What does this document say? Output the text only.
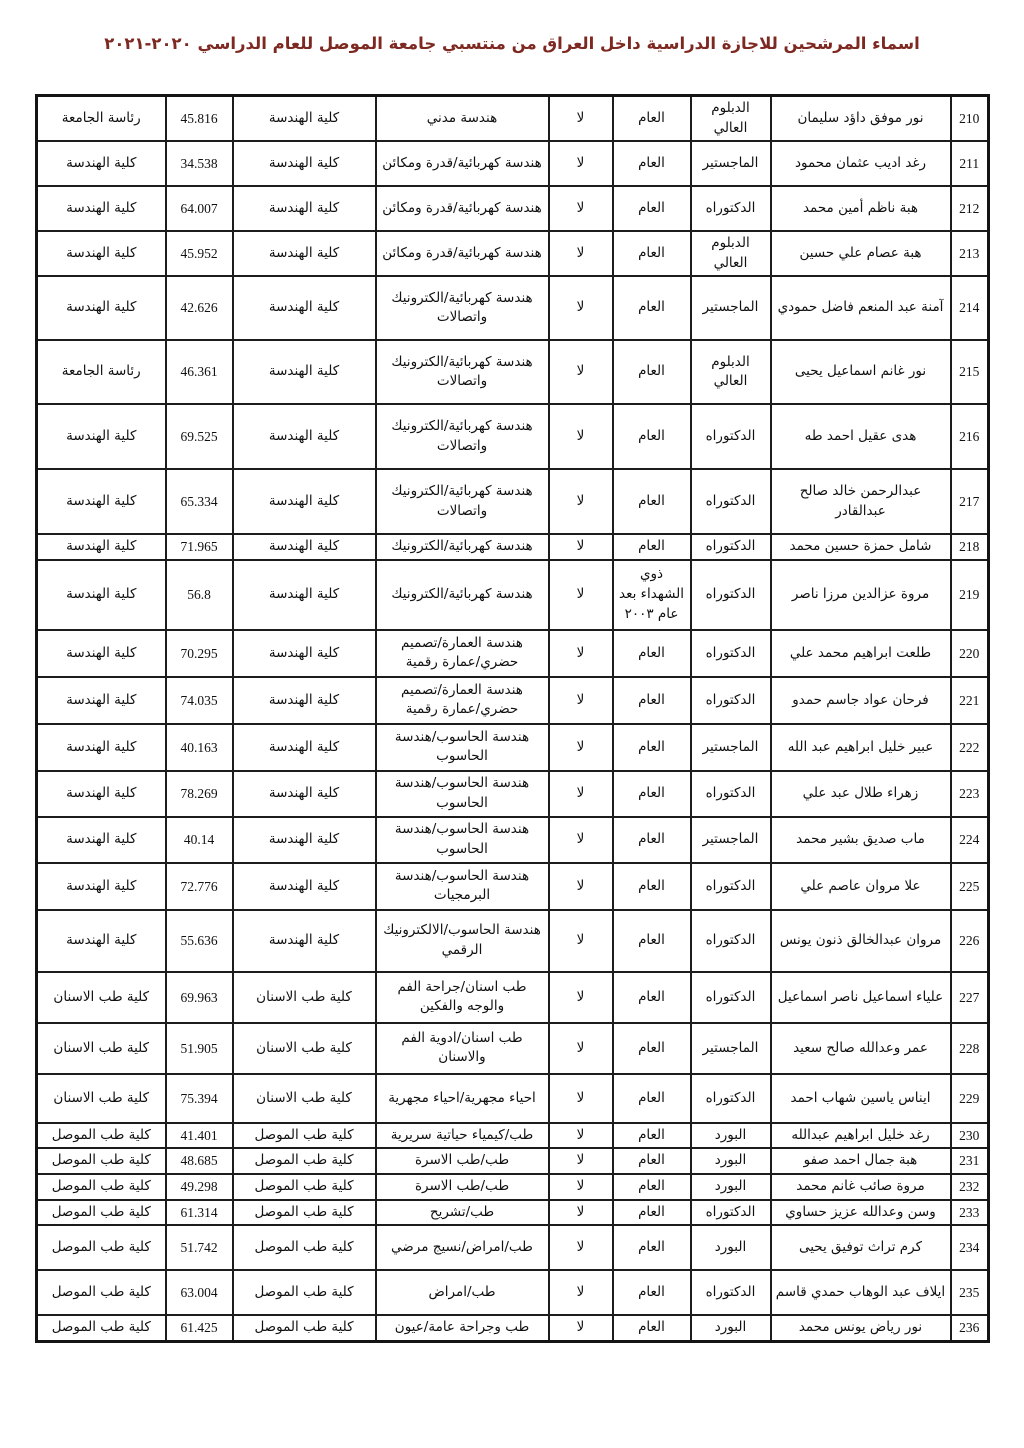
اسماء المرشحين للاجازة الدراسية داخل العراق من منتسبي جامعة الموصل للعام الدراسي ٢٠٢٠-٢٠٢١
210	نور موفق داؤد سليمان	الدبلوم العالي	العام	لا	هندسة مدني	كلية الهندسة	45.816	رئاسة الجامعة
211	رغد اديب عثمان محمود	الماجستير	العام	لا	هندسة كهربائية/قدرة ومكائن	كلية الهندسة	34.538	كلية الهندسة
212	هبة ناظم أمين محمد	الدكتوراه	العام	لا	هندسة كهربائية/قدرة ومكائن	كلية الهندسة	64.007	كلية الهندسة
213	هبة عصام علي حسين	الدبلوم العالي	العام	لا	هندسة كهربائية/قدرة ومكائن	كلية الهندسة	45.952	كلية الهندسة
214	آمنة عبد المنعم فاضل حمودي	الماجستير	العام	لا	هندسة كهربائية/الكترونيك واتصالات	كلية الهندسة	42.626	كلية الهندسة
215	نور غانم اسماعيل يحيى	الدبلوم العالي	العام	لا	هندسة كهربائية/الكترونيك واتصالات	كلية الهندسة	46.361	رئاسة الجامعة
216	هدى عقيل احمد طه	الدكتوراه	العام	لا	هندسة كهربائية/الكترونيك واتصالات	كلية الهندسة	69.525	كلية الهندسة
217	عبدالرحمن خالد صالح عبدالقادر	الدكتوراه	العام	لا	هندسة كهربائية/الكترونيك واتصالات	كلية الهندسة	65.334	كلية الهندسة
218	شامل حمزة حسين محمد	الدكتوراه	العام	لا	هندسة كهربائية/الكترونيك	كلية الهندسة	71.965	كلية الهندسة
219	مروة عزالدين مرزا ناصر	الدكتوراه	ذوي الشهداء بعد عام ٢٠٠٣	لا	هندسة كهربائية/الكترونيك	كلية الهندسة	56.8	كلية الهندسة
220	طلعت ابراهيم محمد علي	الدكتوراه	العام	لا	هندسة العمارة/تصميم حضري/عمارة رقمية	كلية الهندسة	70.295	كلية الهندسة
221	فرحان عواد جاسم حمدو	الدكتوراه	العام	لا	هندسة العمارة/تصميم حضري/عمارة رقمية	كلية الهندسة	74.035	كلية الهندسة
222	عبير خليل ابراهيم عبد الله	الماجستير	العام	لا	هندسة الحاسوب/هندسة الحاسوب	كلية الهندسة	40.163	كلية الهندسة
223	زهراء طلال عبد علي	الدكتوراه	العام	لا	هندسة الحاسوب/هندسة الحاسوب	كلية الهندسة	78.269	كلية الهندسة
224	ماب صديق بشير محمد	الماجستير	العام	لا	هندسة الحاسوب/هندسة الحاسوب	كلية الهندسة	40.14	كلية الهندسة
225	علا مروان عاصم علي	الدكتوراه	العام	لا	هندسة الحاسوب/هندسة البرمجيات	كلية الهندسة	72.776	كلية الهندسة
226	مروان عبدالخالق ذنون يونس	الدكتوراه	العام	لا	هندسة الحاسوب/الالكترونيك الرقمي	كلية الهندسة	55.636	كلية الهندسة
227	علياء اسماعيل ناصر اسماعيل	الدكتوراه	العام	لا	طب اسنان/جراحة الفم والوجه والفكين	كلية طب الاسنان	69.963	كلية طب الاسنان
228	عمر وعدالله صالح سعيد	الماجستير	العام	لا	طب اسنان/ادوية الفم والاسنان	كلية طب الاسنان	51.905	كلية طب الاسنان
229	ايناس ياسين شهاب احمد	الدكتوراه	العام	لا	احياء مجهرية/احياء مجهرية	كلية طب الاسنان	75.394	كلية طب الاسنان
230	رغد خليل ابراهيم عبدالله	البورد	العام	لا	طب/كيمياء حياتية سريرية	كلية طب الموصل	41.401	كلية طب الموصل
231	هبة جمال احمد صفو	البورد	العام	لا	طب/طب الاسرة	كلية طب الموصل	48.685	كلية طب الموصل
232	مروة صائب غانم محمد	البورد	العام	لا	طب/طب الاسرة	كلية طب الموصل	49.298	كلية طب الموصل
233	وسن وعدالله عزيز حساوي	الدكتوراه	العام	لا	طب/تشريح	كلية طب الموصل	61.314	كلية طب الموصل
234	كرم تراث توفيق يحيى	البورد	العام	لا	طب/امراض/نسيج مرضي	كلية طب الموصل	51.742	كلية طب الموصل
235	ايلاف عبد الوهاب حمدي قاسم	الدكتوراه	العام	لا	طب/امراض	كلية طب الموصل	63.004	كلية طب الموصل
236	نور رياض يونس محمد	البورد	العام	لا	طب وجراحة عامة/عيون	كلية طب الموصل	61.425	كلية طب الموصل
